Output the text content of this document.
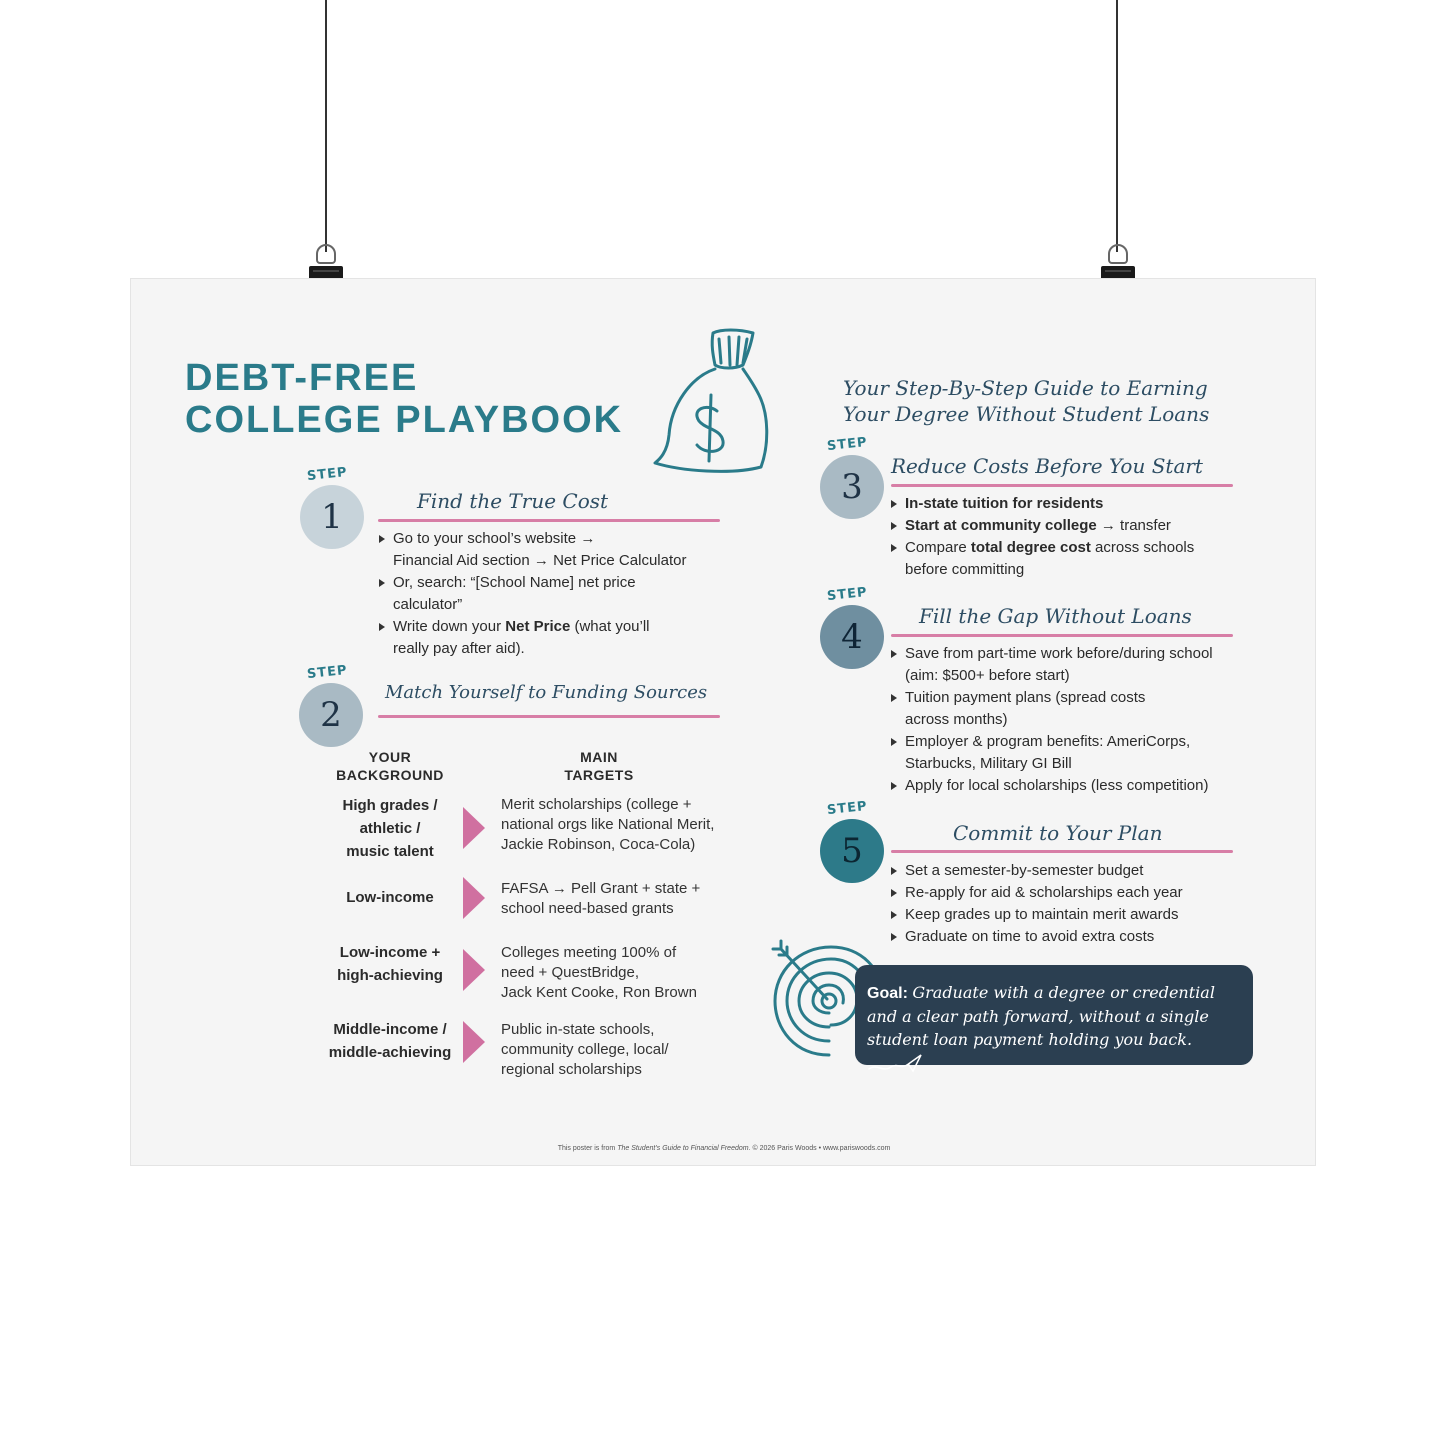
DEBT-FREE
COLLEGE PLAYBOOK
Your Step-By-Step Guide to Earning
Your Degree Without Student Loans
STEP
1	Find the True Cost
Go to your school’s website →
Financial Aid section → Net Price Calculator
Or, search: “[School Name] net price
calculator”
Write down your Net Price (what you’ll
really pay after aid).
STEP
2
Match Yourself to Funding Sources
YOUR
BACKGROUND
MAIN
TARGETS
High grades /
athletic /
music talent
Merit scholarships (college +
national orgs like National Merit,
Jackie Robinson, Coca-Cola)
Low-income
FAFSA → Pell Grant + state +
school need-based grants
Low-income +
high-achieving
Colleges meeting 100% of
need + QuestBridge,
Jack Kent Cooke, Ron Brown
Middle-income /
middle-achieving
Public in-state schools,
community college, local/
regional scholarships
STEP
3
Reduce Costs Before You Start
In-state tuition for residents
Start at community college → transfer
Compare total degree cost across schools
before committing
STEP
4
Fill the Gap Without Loans
Save from part-time work before/during school
(aim: $500+ before start)
Tuition payment plans (spread costs
across months)
Employer & program benefits: AmeriCorps,
Starbucks, Military GI Bill
Apply for local scholarships (less competition)
STEP
5	Commit to Your Plan
Set a semester-by-semester budget
Re-apply for aid & scholarships each year
Keep grades up to maintain merit awards
Graduate on time to avoid extra costs
Goal: Graduate with a degree or credential
and a clear path forward, without a single
student loan payment holding you back.
This poster is from The Student’s Guide to Financial Freedom. © 2026 Paris Woods • www.pariswoods.com
